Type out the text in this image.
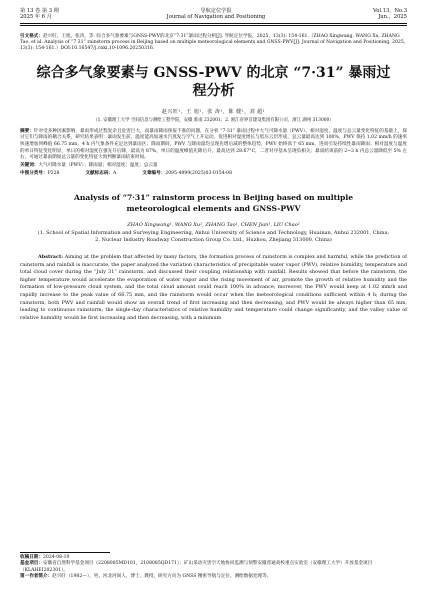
第 13 卷 第 3 期
2025 年 6 月
导航定位学报
Journal of Navigation and Positioning
Vol.13，No.3
Jun.，2025
引文格式：赵兴旺，王旭，张涛，等. 综合多气象要素与GNSS-PWV的北京“7·31”暴雨过程分析[J]. 导航定位学报，2025，13(3): 154-161.（ZHAO Xingwang, WANG Xu, ZHANG Tao, et al. Analysis of “7·31” rainstorm process in Beijing based on multiple meteorological elements and GNSS-PWV[J]. Journal of Navigation and Positioning, 2025, 13(3): 154-161.）DOI:10.16547/j.cnki.10-1096.20250316.
综合多气象要素与 GNSS-PWV 的北京 “7·31” 暴雨过程分析
赵兴旺¹，王 旭¹，张 涛¹，陈 健¹，刘 超¹
（1. 安徽理工大学 空间信息与测绘工程学院，安徽 淮南 232001；2. 浙江省界首建设集团有限公司，浙江 湖州 313000）
摘要：针对受多种因素影响，暴雨形成过程复杂且危害巨大，而暴雨降雨预报不准的问题，在分析 “7·31” 暴雨过程中大气可降水量（PWV）、相对湿度、温度与总云量变化特征的基础上，探讨它们与降雨的耦合关系，研究结果表明：暴雨发生前，温度能高加速水汽蒸发与空气上升运动，促进相对湿度增长与低压云层形成，总云量最高达到 100%，PWV 保持 1.02 mm/h 的速率快速增加到峰值 66.75 mm，4 h 内气象条件充足达到暴雨区；降雨期间，PWV 与降雨量均呈现先增后减的整体趋势，PWV 始终高于 65 mm，进而引发持续性暴雨降雨；相对湿度与温度的单日特征变化明显，单日的相对湿度在强先升后降，最高为 87%，单日的温度峰值先降后升，最高达到 28.67°C，二者对序基本呈现负相关；暴雨结束前的 2~3 h 内总云量降低至 5% 左右，可通过暴雨期间总云量的变化特征大致判断暴雨结束时间。
关键词：大气可降水量（PWV）；降雨量；相对湿度；温度；总云量
中图分类号：P228	文献标志码：A	文章编号：2095-4999(2025)03-0154-08
Analysis of “7·31” rainstorm process in Beijing based on multiple meteorological elements and GNSS-PWV
ZHAO Xingwang¹, WANG Xu¹, ZHANG Tao¹, CHEN Jian¹, LIU Chao²
(1. School of Spatial Information and Surveying Engineering, Anhui University of Science and Technology, Huainan, Anhui 232001, China;
2. Nuclear Industry Roadway Construction Group Co. Ltd., Huzhou, Zhejiang 313000, China)
Abstract: Aiming at the problem that affected by many factors, the formation process of rainstorm is complex and harmful, while the prediction of rainstorm and rainfall is inaccurate, the paper analyzed the variation characteristics of precipitable water vapor (PWV), relative humidity, temperature and total cloud cover during the “July 31” rainstorm, and discussed their coupling relationship with rainfall. Results showed that before the rainstorm, the higher temperature would accelerate the evaporation of water vapor and the rising movement of air, promote the growth of relative humidity and the formation of low-pressure cloud system, and the total cloud amount could reach 100% in advance; moreover, the PWV would keep at 1.02 mm/h and rapidly increase to the peak value of 66.75 mm, and the rainstorm would occur when the meteorological conditions sufficient within 4 h; during the rainstorm, both PWV and rainfall would show an overall trend of first increasing and then decreasing, and PWV would be always higher than 65 mm, leading to continuous rainstorm; the single-day characteristics of relative humidity and temperature could change significantly, and the valley value of relative humidity would be first increasing and then decreasing, with a minimum
收稿日期：2024-08-19
基金项目：安徽省自然科学基金项目（2208085MD101，2108085QD171）；矿山采动灾害空天地协同监测与预警安徽普通高校重点实验室（安徽理工大学）开放基金项目（KLAHEI202301）。
第一作者简介：赵兴旺（1982—），男，河北河间人，博士，教授，研究方向为 GNSS 精密导航与定位、测绘数据处理等。
